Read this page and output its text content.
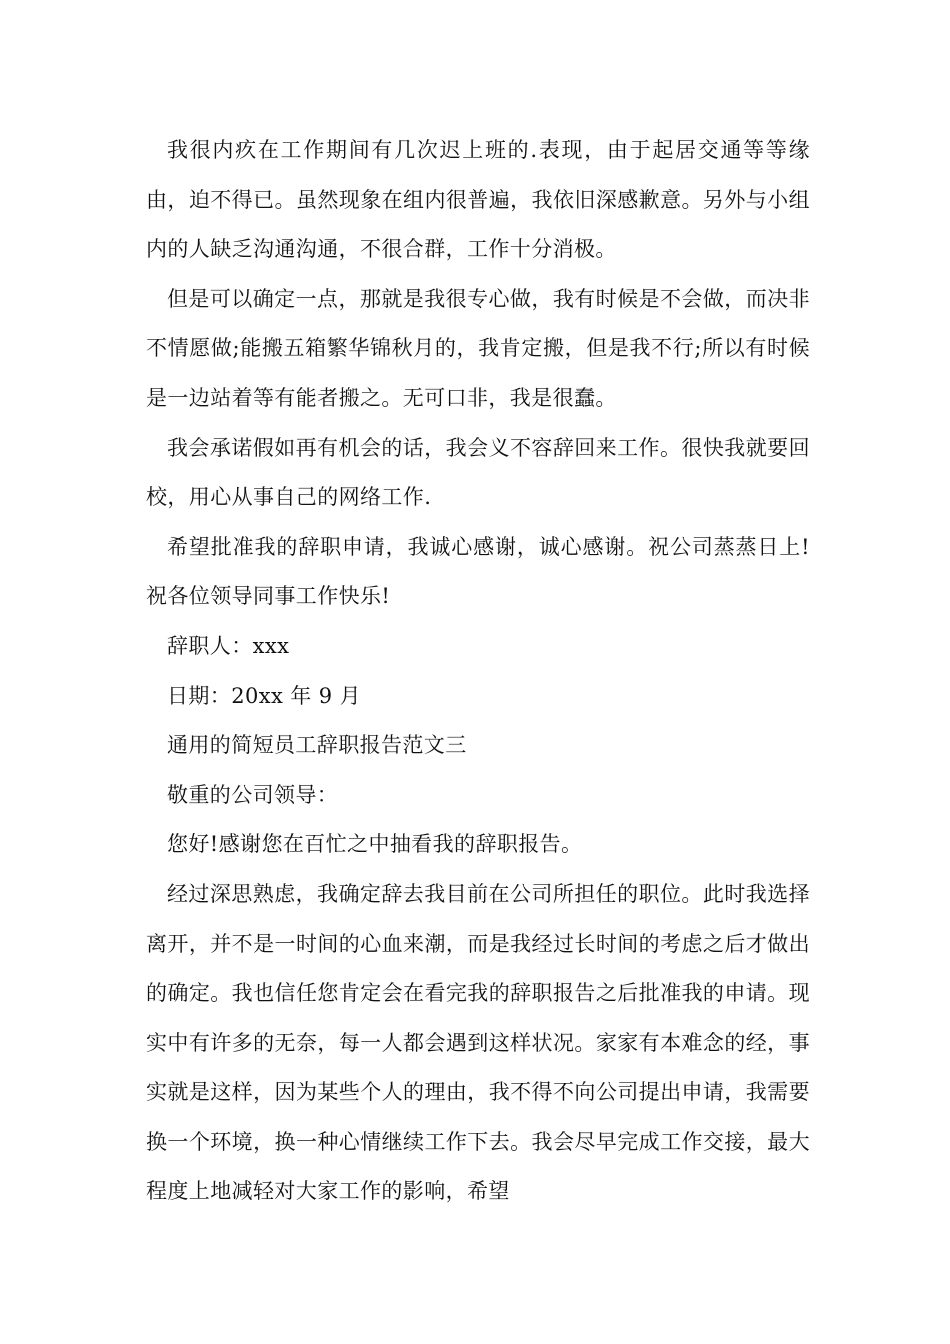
我很内疚在工作期间有几次迟上班的.表现，由于起居交通等等缘由，迫不得已。虽然现象在组内很普遍，我依旧深感歉意。另外与小组内的人缺乏沟通沟通，不很合群，工作十分消极。

但是可以确定一点，那就是我很专心做，我有时候是不会做，而决非不情愿做;能搬五箱繁华锦秋月的，我肯定搬，但是我不行;所以有时候是一边站着等有能者搬之。无可口非，我是很蠢。

我会承诺假如再有机会的话，我会义不容辞回来工作。很快我就要回校，用心从事自己的网络工作.

希望批准我的辞职申请，我诚心感谢，诚心感谢。祝公司蒸蒸日上!祝各位领导同事工作快乐!

辞职人：xxx

日期：20xx 年 9 月

通用的简短员工辞职报告范文三

敬重的公司领导：

您好!感谢您在百忙之中抽看我的辞职报告。

经过深思熟虑，我确定辞去我目前在公司所担任的职位。此时我选择离开，并不是一时间的心血来潮，而是我经过长时间的考虑之后才做出的确定。我也信任您肯定会在看完我的辞职报告之后批准我的申请。现实中有许多的无奈，每一人都会遇到这样状况。家家有本难念的经，事实就是这样，因为某些个人的理由，我不得不向公司提出申请，我需要换一个环境，换一种心情继续工作下去。我会尽早完成工作交接，最大程度上地减轻对大家工作的影响，希望
